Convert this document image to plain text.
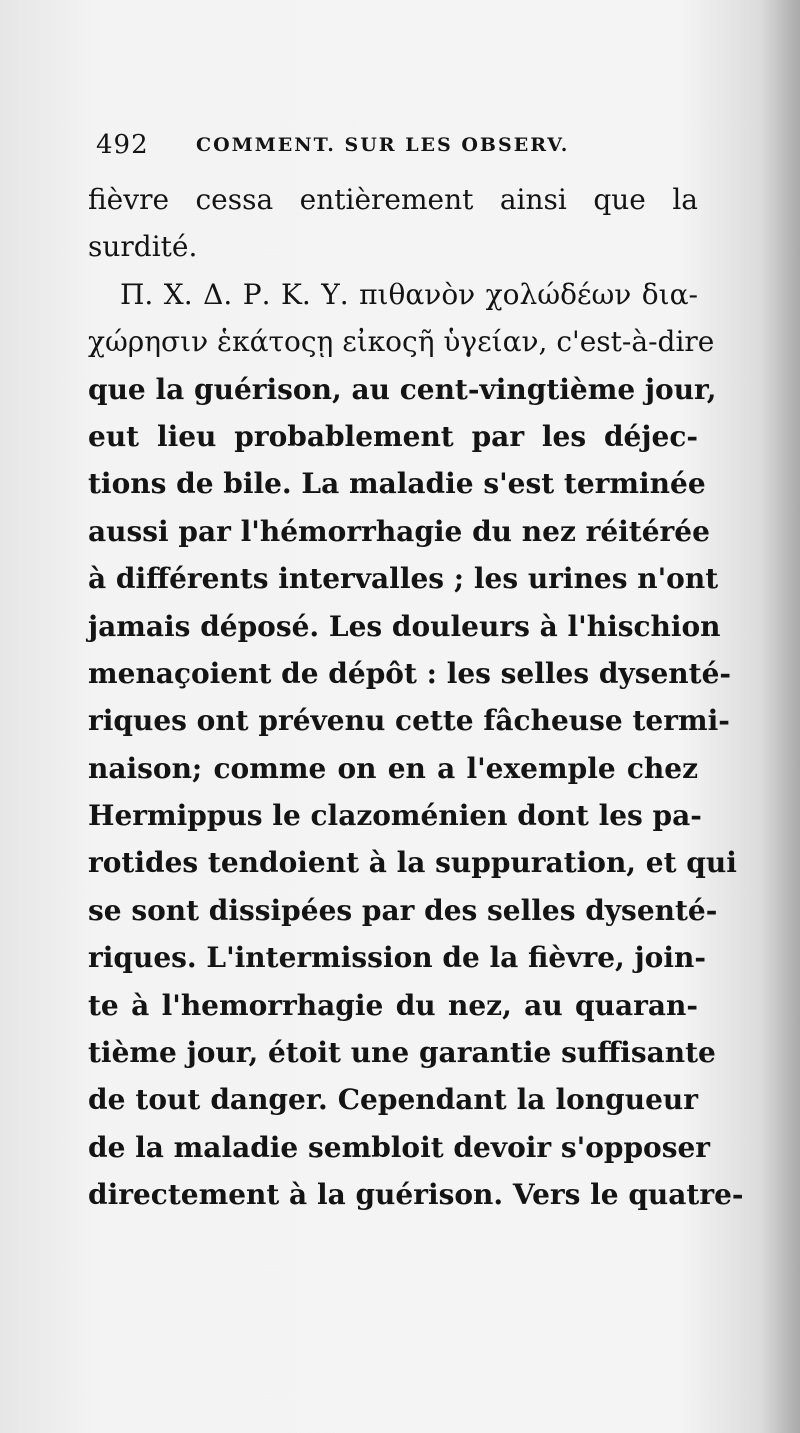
492 COMMENT. SUR LES OBSERV.
fièvre cessa entièrement ainsi que la
surdité.
Π. Χ. Δ. Ρ. Κ. Υ. πιθανὸν χολώδέων δια-
χώρησιν ἑκάτοςῃ εἰκοςῆ ὑγείαν, c'est-à-dire
que la guérison, au cent-vingtième jour,
eut lieu probablement par les déjec-
tions de bile. La maladie s'est terminée
aussi par l'hémorrhagie du nez réitérée
à différents intervalles ; les urines n'ont
jamais déposé. Les douleurs à l'hischion
menaçoient de dépôt : les selles dysenté-
riques ont prévenu cette fâcheuse termi-
naison; comme on en a l'exemple chez
Hermippus le clazoménien dont les pa-
rotides tendoient à la suppuration, et qui
se sont dissipées par des selles dysenté-
riques. L'intermission de la fièvre, join-
te à l'hemorrhagie du nez, au quaran-
tième jour, étoit une garantie suffisante
de tout danger. Cependant la longueur
de la maladie sembloit devoir s'opposer
directement à la guérison. Vers le quatre-
